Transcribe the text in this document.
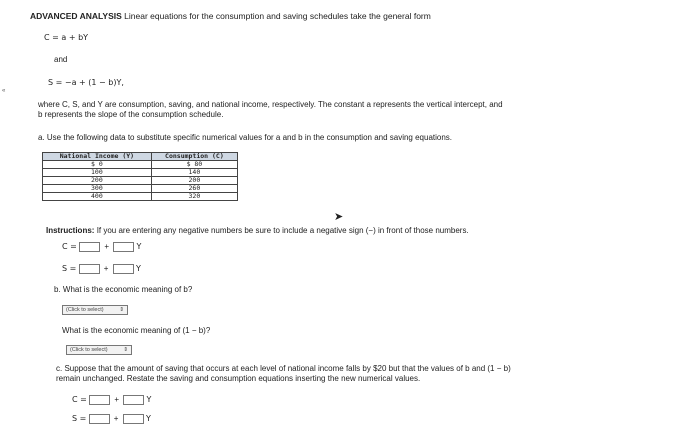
ADVANCED ANALYSIS Linear equations for the consumption and saving schedules take the general form
«
C = a + bY
and
S = −a + (1 − b)Y,
where C, S, and Y are consumption, saving, and national income, respectively. The constant a represents the vertical intercept, and
b represents the slope of the consumption schedule.
a. Use the following data to substitute specific numerical values for a and b in the consumption and saving equations.
National Income (Y)	Consumption (C)
$ 0	$ 80
100	140
200	200
300	260
400	320
➤
Instructions: If you are entering any negative numbers be sure to include a negative sign (−) in front of those numbers.
C =	+	Y
S =	+	Y
b. What is the economic meaning of b?
(Click to select)	⇕
What is the economic meaning of (1 − b)?
(Click to select)	⇕
c. Suppose that the amount of saving that occurs at each level of national income falls by $20 but that the values of b and (1 − b)
remain unchanged. Restate the saving and consumption equations inserting the new numerical values.
C =	+	Y
S =	+	Y
